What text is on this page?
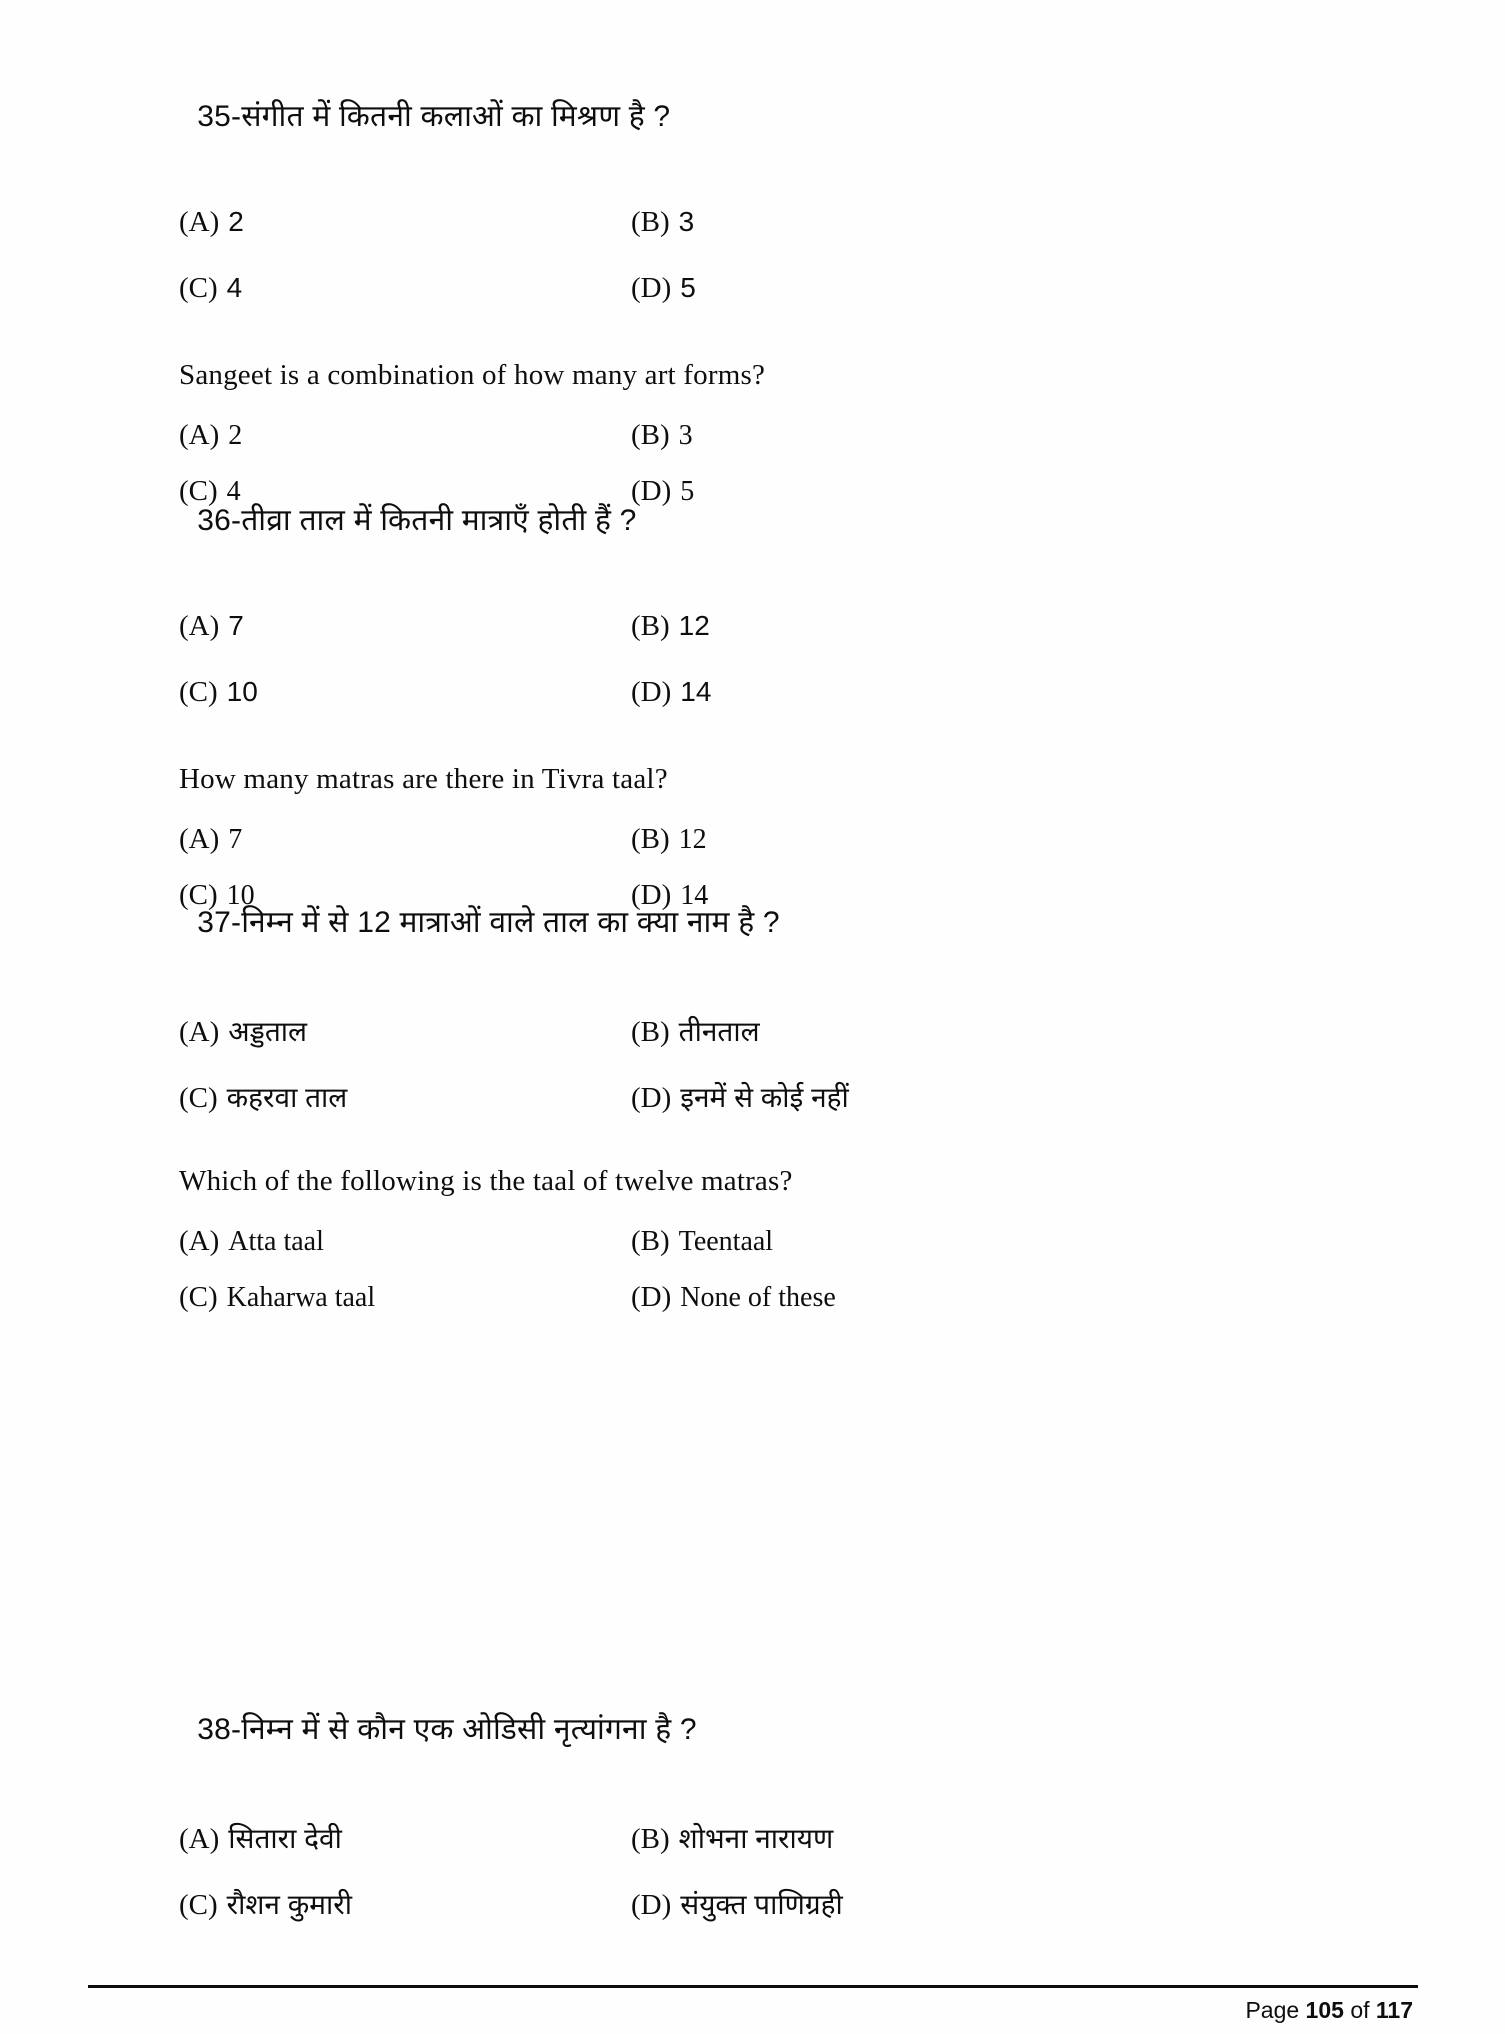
35-संगीत में कितनी कलाओं का मिश्रण है ?

(A) 2	(B) 3
(C) 4	(D) 5
Sangeet is a combination of how many art forms?
(A) 2	(B) 3
(C) 4	(D) 5

36-तीव्रा ताल में कितनी मात्राएँ होती हैं ?

(A) 7	(B) 12
(C) 10	(D) 14
How many matras are there in Tivra taal?
(A) 7	(B) 12
(C) 10	(D) 14

37-निम्न में से 12 मात्राओं वाले ताल का क्या नाम है ?

(A) अड्डताल	(B) तीनताल
(C) कहरवा ताल	(D) इनमें से कोई नहीं
Which of the following is the taal of twelve matras?
(A) Atta taal	(B) Teentaal
(C) Kaharwa taal	(D) None of these

38-निम्न में से कौन एक ओडिसी नृत्यांगना है ?

(A) सितारा देवी	(B) शोभना नारायण
(C) रौशन कुमारी	(D) संयुक्त पाणिग्रही
Page 105 of 117
